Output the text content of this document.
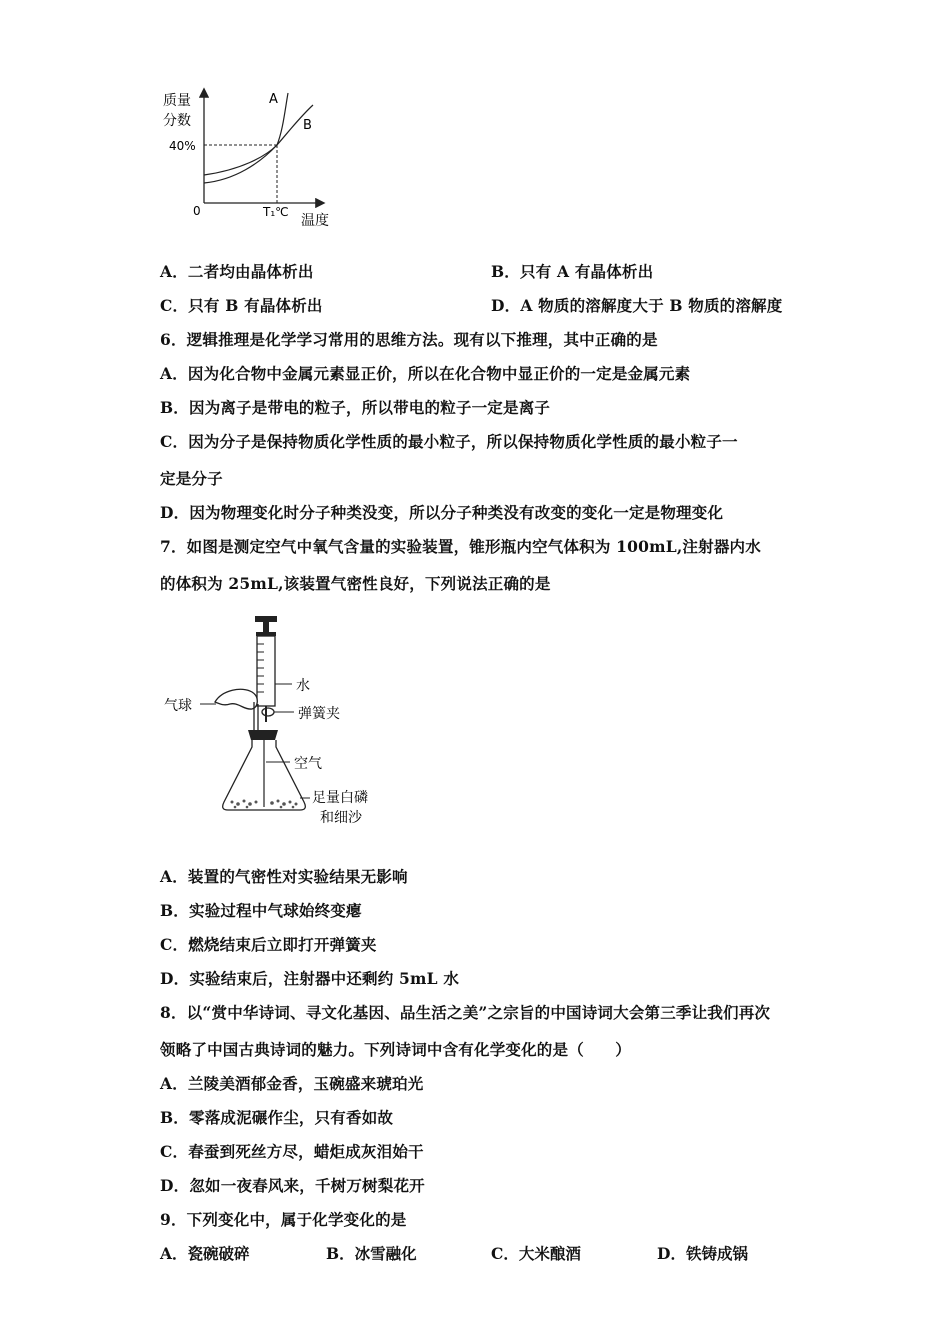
质量
分数
40%
0	T₁℃
温度
A
B
A．二者均由晶体析出	B．只有 A 有晶体析出
C．只有 B 有晶体析出	D．A 物质的溶解度大于 B 物质的溶解度
6．逻辑推理是化学学习常用的思维方法。现有以下推理，其中正确的是
A．因为化合物中金属元素显正价，所以在化合物中显正价的一定是金属元素
B．因为离子是带电的粒子，所以带电的粒子一定是离子
C．因为分子是保持物质化学性质的最小粒子，所以保持物质化学性质的最小粒子一
定是分子
D．因为物理变化时分子种类没变，所以分子种类没有改变的变化一定是物理变化
7．如图是测定空气中氧气含量的实验装置，锥形瓶内空气体积为 100mL,注射器内水
的体积为 25mL,该装置气密性良好，下列说法正确的是
气球
水
弹簧夹
空气
足量白磷
和细沙
A．装置的气密性对实验结果无影响
B．实验过程中气球始终变瘪
C．燃烧结束后立即打开弹簧夹
D．实验结束后，注射器中还剩约 5mL 水
8．以“赏中华诗词、寻文化基因、品生活之美”之宗旨的中国诗词大会第三季让我们再次
领略了中国古典诗词的魅力。下列诗词中含有化学变化的是（　　）
A．兰陵美酒郁金香，玉碗盛来琥珀光
B．零落成泥碾作尘，只有香如故
C．春蚕到死丝方尽，蜡炬成灰泪始干
D．忽如一夜春风来，千树万树梨花开
9．下列变化中，属于化学变化的是
A．瓷碗破碎	B．冰雪融化	C．大米酿酒	D．铁铸成锅
